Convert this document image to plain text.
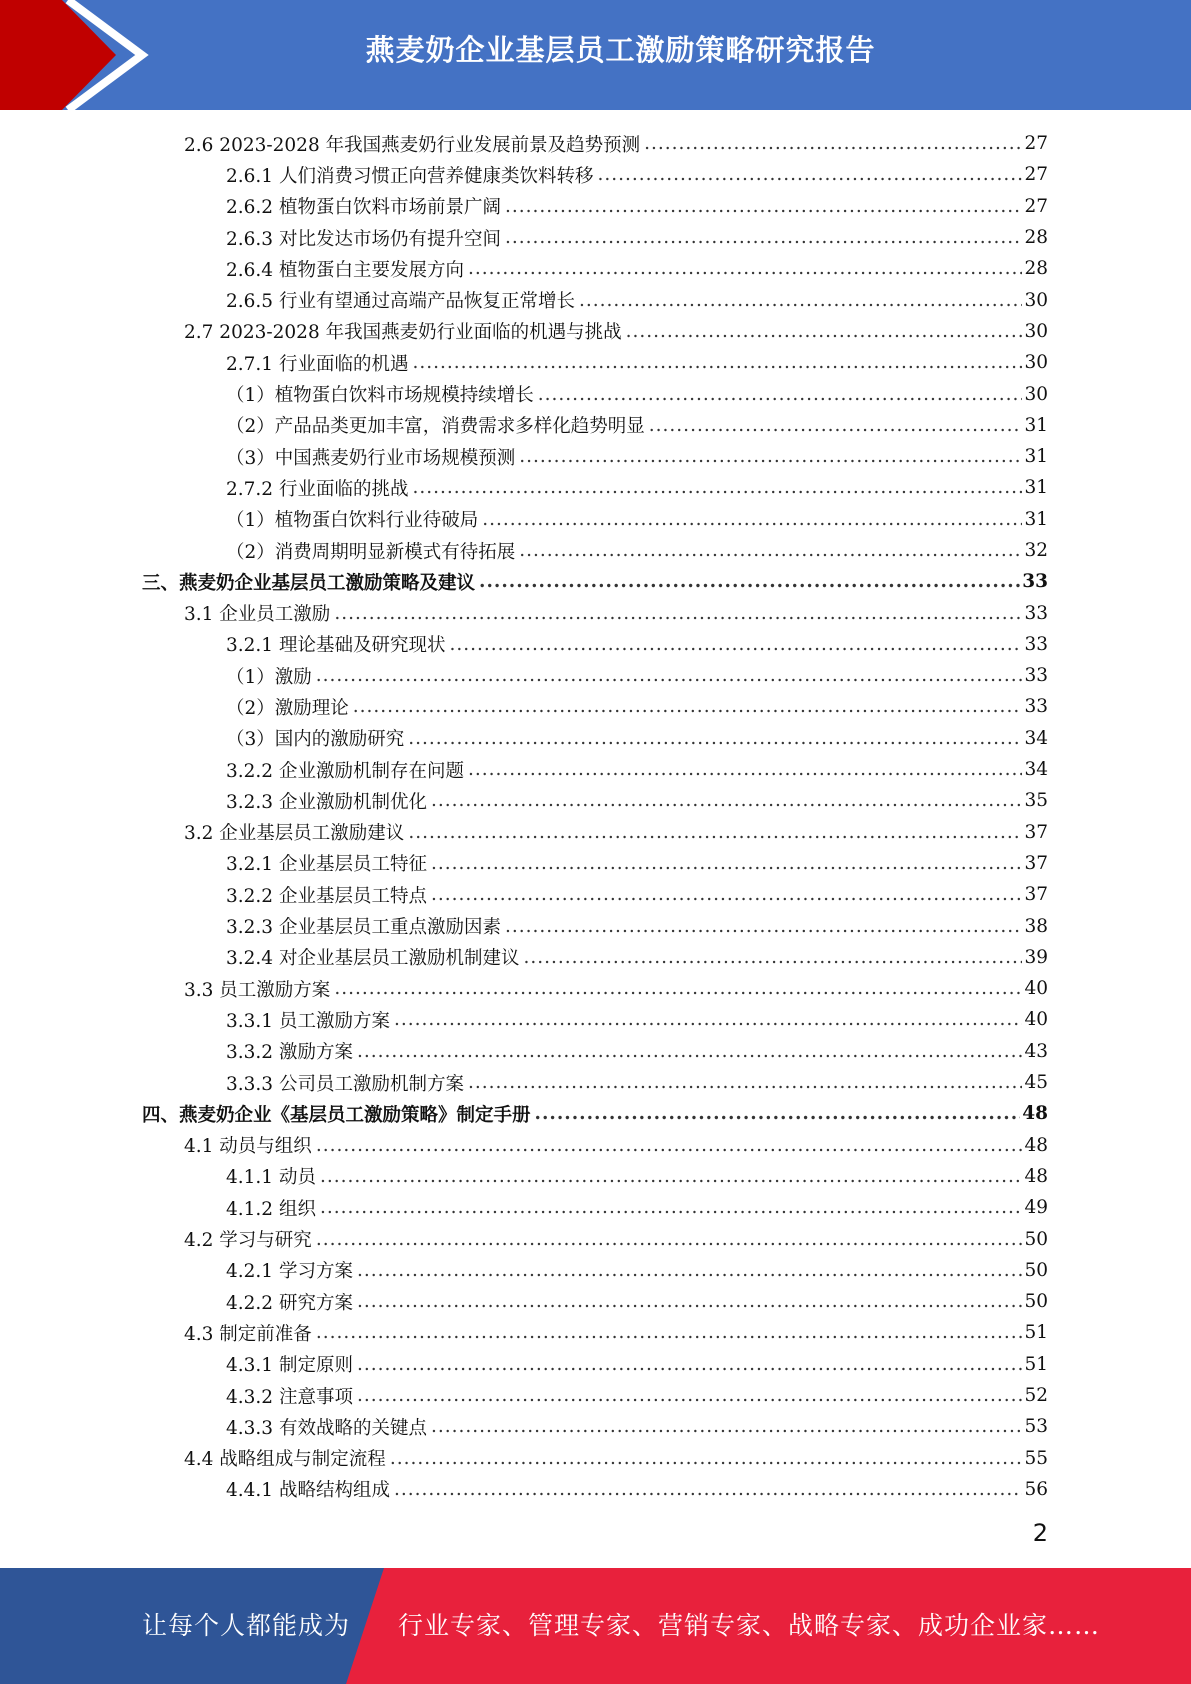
燕麦奶企业基层员工激励策略研究报告
2.6 2023-2028 年我国燕麦奶行业发展前景及趋势预测 .....	27
2.6.1 人们消费习惯正向营养健康类饮料转移 .....	27
2.6.2 植物蛋白饮料市场前景广阔 .....	27
2.6.3 对比发达市场仍有提升空间 .....	28
2.6.4 植物蛋白主要发展方向 .....	28
2.6.5 行业有望通过高端产品恢复正常增长 .....	30
2.7 2023-2028 年我国燕麦奶行业面临的机遇与挑战 .....	30
2.7.1 行业面临的机遇 .....	30
（1）植物蛋白饮料市场规模持续增长 .....	30
（2）产品品类更加丰富，消费需求多样化趋势明显 .....	31
（3）中国燕麦奶行业市场规模预测 .....	31
2.7.2 行业面临的挑战 .....	31
（1）植物蛋白饮料行业待破局 .....	31
（2）消费周期明显新模式有待拓展 .....	32
三、燕麦奶企业基层员工激励策略及建议 .....	33
3.1 企业员工激励 .....	33
3.2.1 理论基础及研究现状 .....	33
（1）激励 .....	33
（2）激励理论 .....	33
（3）国内的激励研究 .....	34
3.2.2 企业激励机制存在问题 .....	34
3.2.3 企业激励机制优化 .....	35
3.2 企业基层员工激励建议 .....	37
3.2.1 企业基层员工特征 .....	37
3.2.2 企业基层员工特点 .....	37
3.2.3 企业基层员工重点激励因素 .....	38
3.2.4 对企业基层员工激励机制建议 .....	39
3.3 员工激励方案 .....	40
3.3.1 员工激励方案 .....	40
3.3.2 激励方案 .....	43
3.3.3 公司员工激励机制方案 .....	45
四、燕麦奶企业《基层员工激励策略》制定手册 .....	48
4.1 动员与组织 .....	48
4.1.1 动员 .....	48
4.1.2 组织 .....	49
4.2 学习与研究 .....	50
4.2.1 学习方案 .....	50
4.2.2 研究方案 .....	50
4.3 制定前准备 .....	51
4.3.1 制定原则 .....	51
4.3.2 注意事项 .....	52
4.3.3 有效战略的关键点 .....	53
4.4 战略组成与制定流程 .....	55
4.4.1 战略结构组成 .....	56
2
让每个人都能成为 行业专家、管理专家、营销专家、战略专家、成功企业家……
